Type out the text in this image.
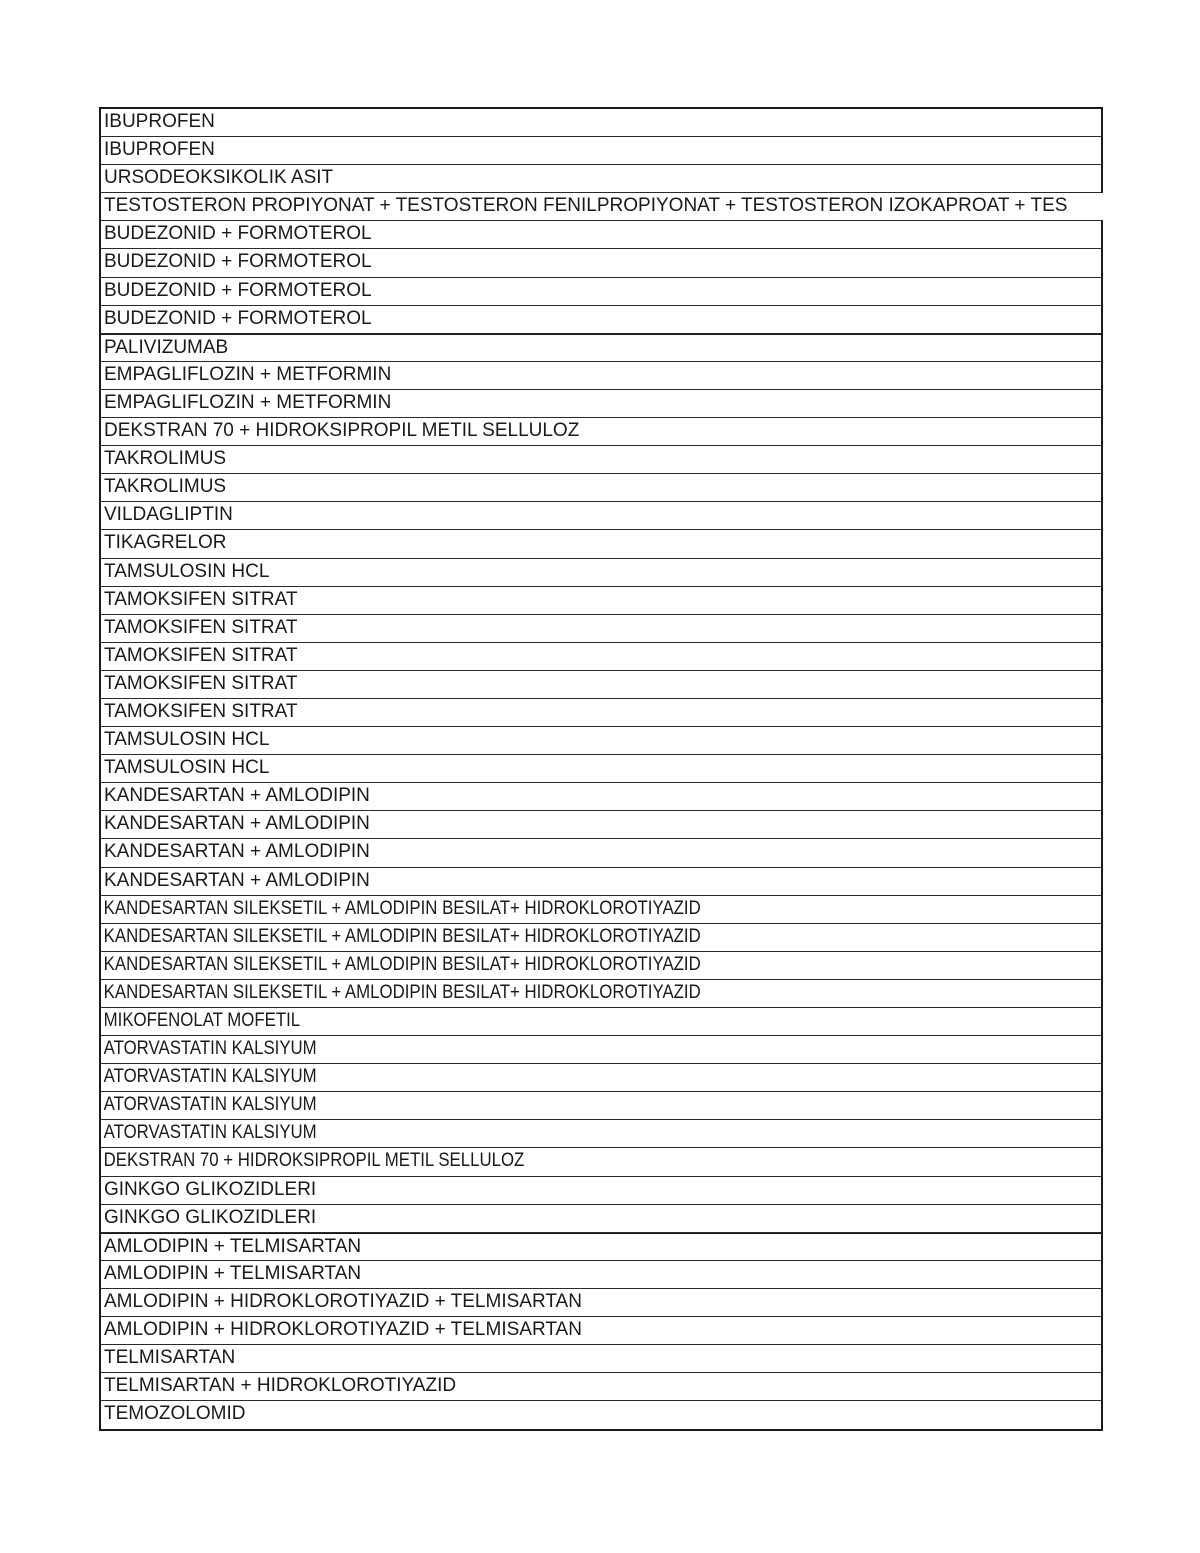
IBUPROFEN
IBUPROFEN
URSODEOKSIKOLIK ASIT
TESTOSTERON PROPIYONAT + TESTOSTERON FENILPROPIYONAT + TESTOSTERON IZOKAPROAT + TES
BUDEZONID + FORMOTEROL
BUDEZONID + FORMOTEROL
BUDEZONID + FORMOTEROL
BUDEZONID + FORMOTEROL
PALIVIZUMAB
EMPAGLIFLOZIN + METFORMIN
EMPAGLIFLOZIN + METFORMIN
DEKSTRAN 70 + HIDROKSIPROPIL METIL SELLULOZ
TAKROLIMUS
TAKROLIMUS
VILDAGLIPTIN
TIKAGRELOR
TAMSULOSIN HCL
TAMOKSIFEN SITRAT
TAMOKSIFEN SITRAT
TAMOKSIFEN SITRAT
TAMOKSIFEN SITRAT
TAMOKSIFEN SITRAT
TAMSULOSIN HCL
TAMSULOSIN HCL
KANDESARTAN + AMLODIPIN
KANDESARTAN + AMLODIPIN
KANDESARTAN + AMLODIPIN
KANDESARTAN + AMLODIPIN
KANDESARTAN SILEKSETIL + AMLODIPIN BESILAT+ HIDROKLOROTIYAZID
KANDESARTAN SILEKSETIL + AMLODIPIN BESILAT+ HIDROKLOROTIYAZID
KANDESARTAN SILEKSETIL + AMLODIPIN BESILAT+ HIDROKLOROTIYAZID
KANDESARTAN SILEKSETIL + AMLODIPIN BESILAT+ HIDROKLOROTIYAZID
MIKOFENOLAT MOFETIL
ATORVASTATIN KALSIYUM
ATORVASTATIN KALSIYUM
ATORVASTATIN KALSIYUM
ATORVASTATIN KALSIYUM
DEKSTRAN 70 + HIDROKSIPROPIL METIL SELLULOZ
GINKGO GLIKOZIDLERI
GINKGO GLIKOZIDLERI
AMLODIPIN + TELMISARTAN
AMLODIPIN + TELMISARTAN
AMLODIPIN + HIDROKLOROTIYAZID + TELMISARTAN
AMLODIPIN + HIDROKLOROTIYAZID + TELMISARTAN
TELMISARTAN
TELMISARTAN + HIDROKLOROTIYAZID
TEMOZOLOMID
